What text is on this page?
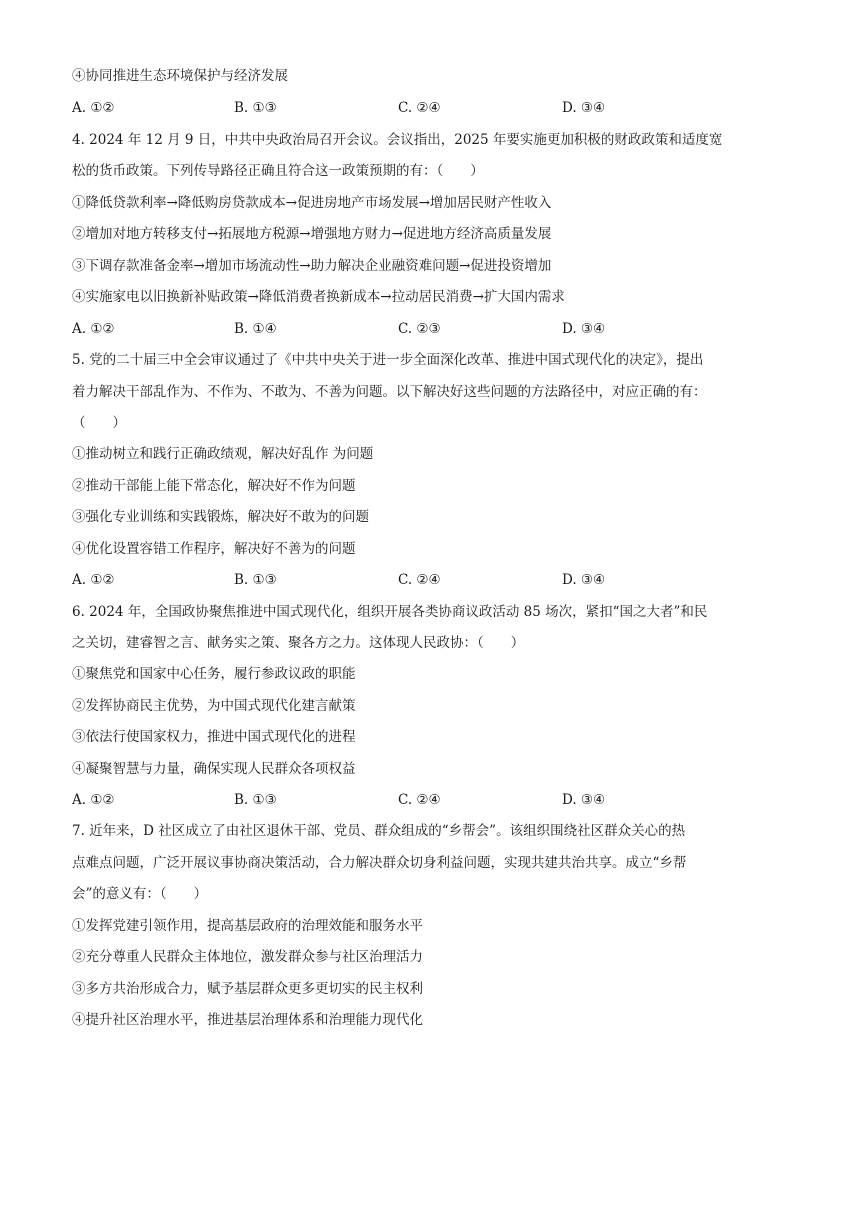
④协同推进生态环境保护与经济发展
A. ①②	B. ①③	C. ②④	D. ③④
4. 2024 年 12 月 9 日，中共中央政治局召开会议。会议指出，2025 年要实施更加积极的财政政策和适度宽
松的货币政策。下列传导路径正确且符合这一政策预期的有：（　　）
①降低贷款利率→降低购房贷款成本→促进房地产市场发展→增加居民财产性收入
②增加对地方转移支付→拓展地方税源→增强地方财力→促进地方经济高质量发展
③下调存款准备金率→增加市场流动性→助力解决企业融资难问题→促进投资增加
④实施家电以旧换新补贴政策→降低消费者换新成本→拉动居民消费→扩大国内需求
A. ①②	B. ①④	C. ②③	D. ③④
5. 党的二十届三中全会审议通过了《中共中央关于进一步全面深化改革、推进中国式现代化的决定》，提出
着力解决干部乱作为、不作为、不敢为、不善为问题。以下解决好这些问题的方法路径中，对应正确的有：
（　　）
①推动树立和践行正确政绩观，解决好乱作 为问题
②推动干部能上能下常态化，解决好不作为问题
③强化专业训练和实践锻炼，解决好不敢为的问题
④优化设置容错工作程序，解决好不善为的问题
A. ①②	B. ①③	C. ②④	D. ③④
6. 2024 年，全国政协聚焦推进中国式现代化，组织开展各类协商议政活动 85 场次，紧扣“国之大者”和民
之关切，建睿智之言、献务实之策、聚各方之力。这体现人民政协：（　　）
①聚焦党和国家中心任务，履行参政议政的职能
②发挥协商民主优势，为中国式现代化建言献策
③依法行使国家权力，推进中国式现代化的进程
④凝聚智慧与力量，确保实现人民群众各项权益
A. ①②	B. ①③	C. ②④	D. ③④
7. 近年来，D 社区成立了由社区退休干部、党员、群众组成的“乡帮会”。该组织围绕社区群众关心的热
点难点问题，广泛开展议事协商决策活动，合力解决群众切身利益问题，实现共建共治共享。成立“乡帮
会”的意义有：（　　）
①发挥党建引领作用，提高基层政府的治理效能和服务水平
②充分尊重人民群众主体地位，激发群众参与社区治理活力
③多方共治形成合力，赋予基层群众更多更切实的民主权利
④提升社区治理水平，推进基层治理体系和治理能力现代化
